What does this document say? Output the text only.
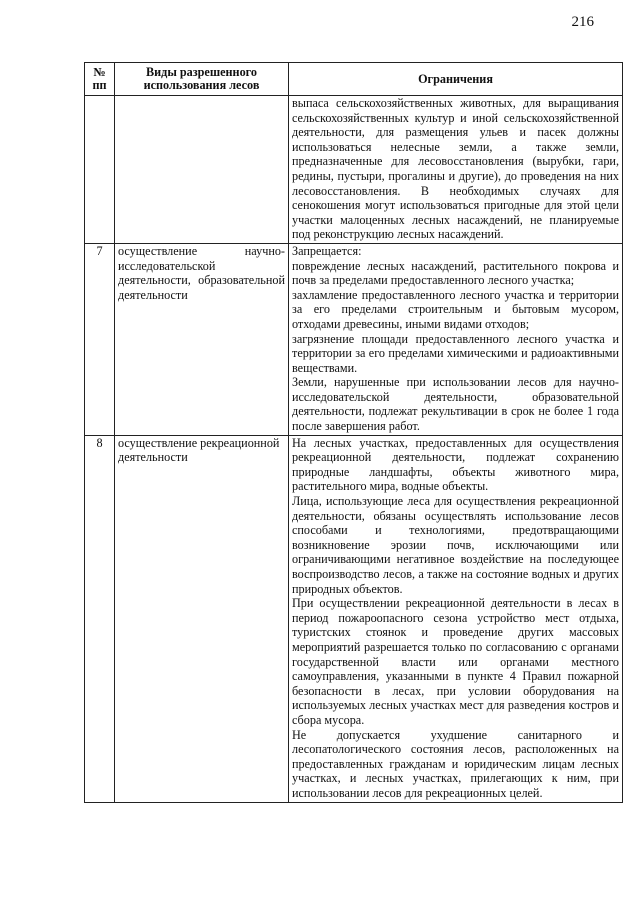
216
№ пп	Виды разрешенного использования лесов	Ограничения

		выпаса сельскохозяйственных животных, для выращивания сельскохозяйственных культур и иной сельскохозяйственной деятельности, для размещения ульев и пасек должны использоваться нелесные земли, а также земли, предназначенные для лесовосстановления (вырубки, гари, редины, пустыри, прогалины и другие), до проведения на них лесовосстановления. В необходимых случаях для сенокошения могут использоваться пригодные для этой цели участки малоценных лесных насаждений, не планируемые под реконструкцию лесных насаждений.

7	осуществление научно-исследовательской деятельности, образовательной деятельности	Запрещается:

повреждение лесных насаждений, растительного покрова и почв за пределами предоставленного лесного участка;

захламление предоставленного лесного участка и территории за его пределами строительным и бытовым мусором, отходами древесины, иными видами отходов;

загрязнение площади предоставленного лесного участка и территории за его пределами химическими и радиоактивными веществами.

Земли, нарушенные при использовании лесов для научно-исследовательской деятельности, образовательной деятельности, подлежат рекультивации в срок не более 1 года после завершения работ.

8	осуществление рекреационной деятельности	На лесных участках, предоставленных для осуществления рекреационной деятельности, подлежат сохранению природные ландшафты, объекты животного мира, растительного мира, водные объекты.

Лица, использующие леса для осуществления рекреационной деятельности, обязаны осуществлять использование лесов способами и технологиями, предотвращающими возникновение эрозии почв, исключающими или ограничивающими негативное воздействие на последующее воспроизводство лесов, а также на состояние водных и других природных объектов.

При осуществлении рекреационной деятельности в лесах в период пожароопасного сезона устройство мест отдыха, туристских стоянок и проведение других массовых мероприятий разрешается только по согласованию с органами государственной власти или органами местного самоуправления, указанными в пункте 4 Правил пожарной безопасности в лесах, при условии оборудования на используемых лесных участках мест для разведения костров и сбора мусора.

Не допускается ухудшение санитарного и лесопатологического состояния лесов, расположенных на предоставленных гражданам и юридическим лицам лесных участках, и лесных участках, прилегающих к ним, при использовании лесов для рекреационных целей.
